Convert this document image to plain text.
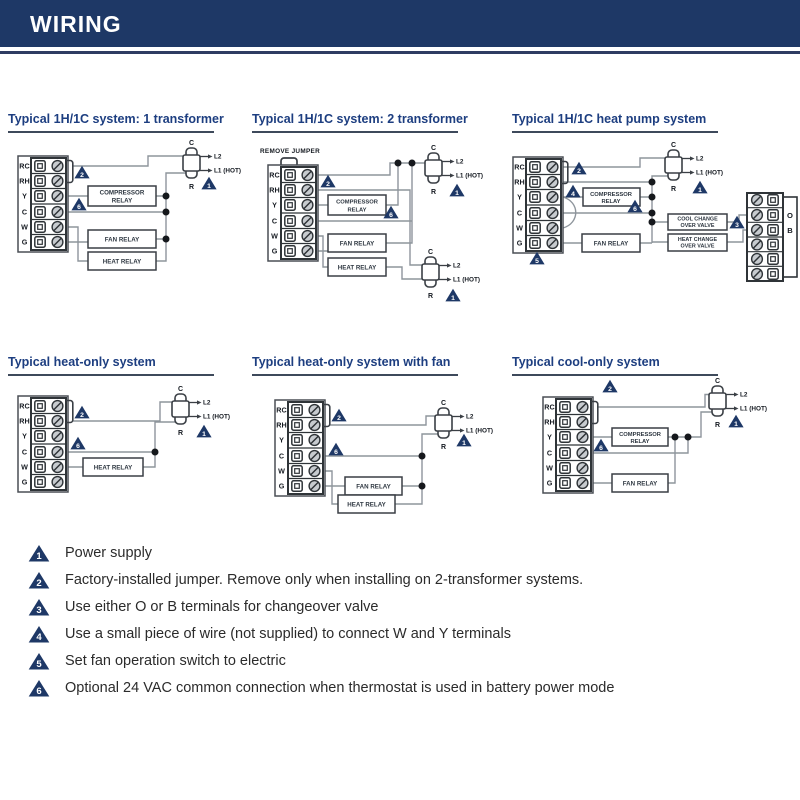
WIRING
Typical 1H/1C system: 1 transformer Typical 1H/1C system: 2 transformer	Typical 1H/1C heat pump system
Typical heat-only system	Typical heat-only system with fan	Typical cool-only system
RC
RH
Y
C
W
G
COMPRESSOR
RELAY
FAN RELAY
HEAT RELAY
C
R
L2
L1 (HOT)
2
6
1
REMOVE JUMPER
RC
RH
Y
C
W
G
COMPRESSOR
RELAY
FAN RELAY
HEAT RELAY
C
R
L2
L1 (HOT)
C
R
L2
L1 (HOT)
2
6
1
1
RC
RH
Y
C
W
G
COMPRESSOR
RELAY
FAN RELAY
COOL CHANGE
OVER VALVE
HEAT CHANGE
OVER VALVE
C
R
L2
L1 (HOT)
O
B
2
4
6
1
3
5
RC
RH
Y
C
W
G
HEAT RELAY
C
R
L2
L1 (HOT)
2
6
1
RC
RH
Y
C
W
G	FAN RELAY
HEAT RELAY
C
R
L2
L1 (HOT)
2
6
1
RC
RH
Y
C
W
G
COMPRESSOR
RELAY
FAN RELAY
C
R
L2
L1 (HOT)
2
6
1
1 Power supply
2 Factory-installed jumper. Remove only when installing on 2-transformer systems.
3 Use either O or B terminals for changeover valve
4 Use a small piece of wire (not supplied) to connect W and Y terminals
5 Set fan operation switch to electric
6 Optional 24 VAC common connection when thermostat is used in battery power mode
